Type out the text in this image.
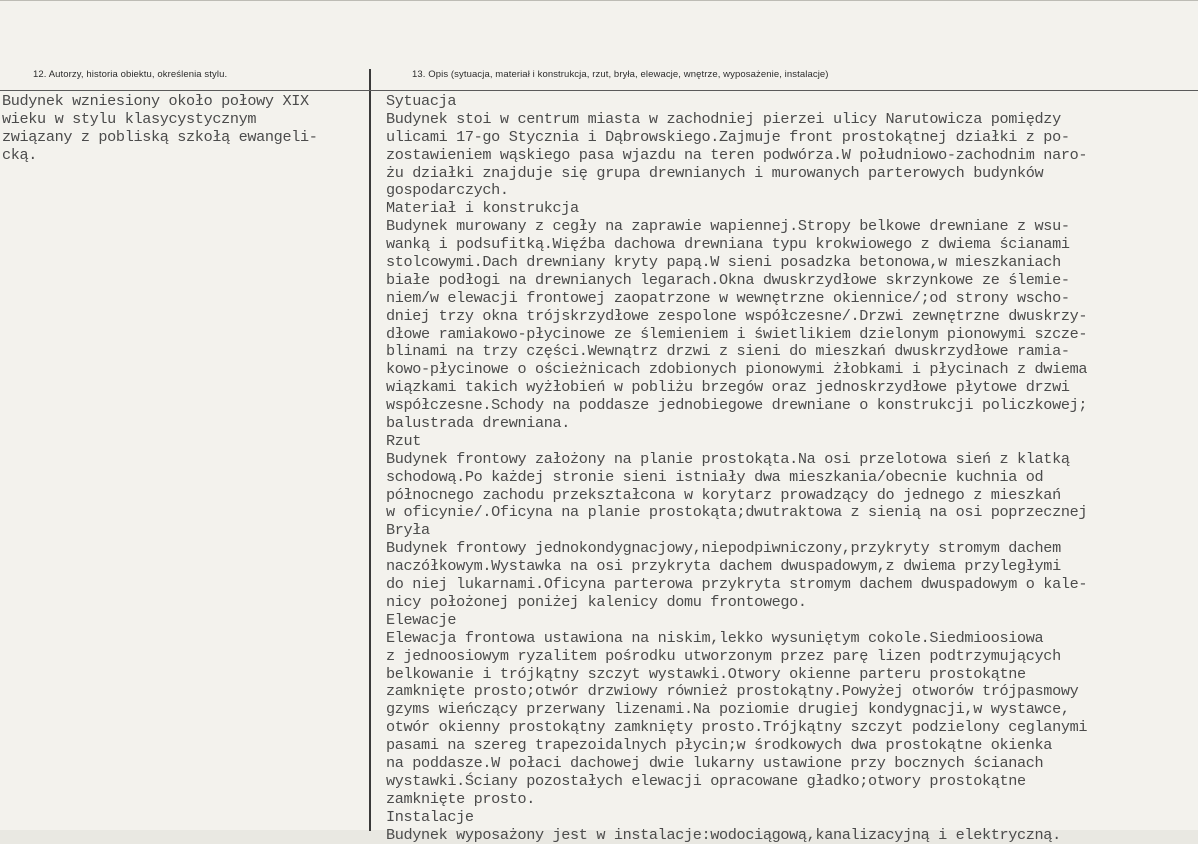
12. Autorzy, historia obiektu, określenia stylu.
Budynek wzniesiony około połowy XIX
wieku w stylu klasycystycznym
związany z pobliską szkołą ewangeli-
cką.
13. Opis (sytuacja, materiał i konstrukcja, rzut, bryła, elewacje, wnętrze, wyposażenie, instalacje)
Sytuacja
Budynek stoi w centrum miasta w zachodniej pierzei ulicy Narutowicza pomiędzy
ulicami 17-go Stycznia i Dąbrowskiego.Zajmuje front prostokątnej działki z po-
zostawieniem wąskiego pasa wjazdu na teren podwórza.W południowo-zachodnim naro-
żu działki znajduje się grupa drewnianych i murowanych parterowych budynków
gospodarczych.
Materiał i konstrukcja
Budynek murowany z cegły na zaprawie wapiennej.Stropy belkowe drewniane z wsu-
wanką i podsufitką.Więźba dachowa drewniana typu krokwiowego z dwiema ścianami
stolcowymi.Dach drewniany kryty papą.W sieni posadzka betonowa,w mieszkaniach
białe podłogi na drewnianych legarach.Okna dwuskrzydłowe skrzynkowe ze ślemie-
niem/w elewacji frontowej zaopatrzone w wewnętrzne okiennice/;od strony wscho-
dniej trzy okna trójskrzydłowe zespolone współczesne/.Drzwi zewnętrzne dwuskrzy-
dłowe ramiakowo-płycinowe ze ślemieniem i świetlikiem dzielonym pionowymi szcze-
blinami na trzy części.Wewnątrz drzwi z sieni do mieszkań dwuskrzydłowe ramia-
kowo-płycinowe o ościeżnicach zdobionych pionowymi żłobkami i płycinach z dwiema
wiązkami takich wyżłobień w pobliżu brzegów oraz jednoskrzydłowe płytowe drzwi
współczesne.Schody na poddasze jednobiegowe drewniane o konstrukcji policzkowej;
balustrada drewniana.
Rzut
Budynek frontowy założony na planie prostokąta.Na osi przelotowa sień z klatką
schodową.Po każdej stronie sieni istniały dwa mieszkania/obecnie kuchnia od
północnego zachodu przekształcona w korytarz prowadzący do jednego z mieszkań
w oficynie/.Oficyna na planie prostokąta;dwutraktowa z sienią na osi poprzecznej
Bryła
Budynek frontowy jednokondygnacjowy,niepodpiwniczony,przykryty stromym dachem
naczółkowym.Wystawka na osi przykryta dachem dwuspadowym,z dwiema przyległymi
do niej lukarnami.Oficyna parterowa przykryta stromym dachem dwuspadowym o kale-
nicy położonej poniżej kalenicy domu frontowego.
Elewacje
Elewacja frontowa ustawiona na niskim,lekko wysuniętym cokole.Siedmioosiowa
z jednoosiowym ryzalitem pośrodku utworzonym przez parę lizen podtrzymujących
belkowanie i trójkątny szczyt wystawki.Otwory okienne parteru prostokątne
zamknięte prosto;otwór drzwiowy również prostokątny.Powyżej otworów trójpasmowy
gzyms wieńczący przerwany lizenami.Na poziomie drugiej kondygnacji,w wystawce,
otwór okienny prostokątny zamknięty prosto.Trójkątny szczyt podzielony ceglanymi
pasami na szereg trapezoidalnych płycin;w środkowych dwa prostokątne okienka
na poddasze.W połaci dachowej dwie lukarny ustawione przy bocznych ścianach
wystawki.Ściany pozostałych elewacji opracowane gładko;otwory prostokątne
zamknięte prosto.
Instalacje
Budynek wyposażony jest w instalacje:wodociągową,kanalizacyjną i elektryczną.
